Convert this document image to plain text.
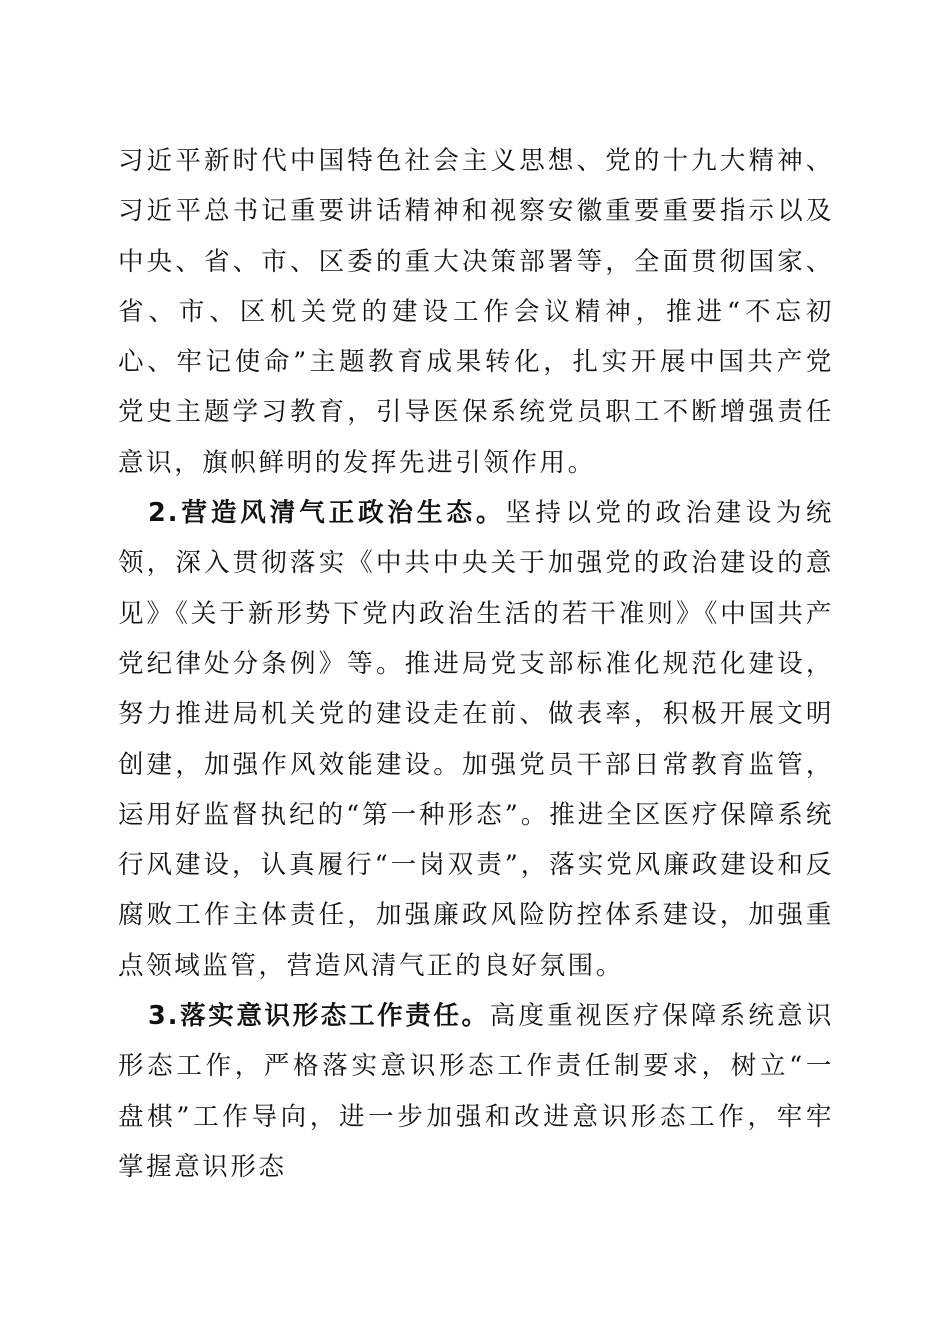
习近平新时代中国特色社会主义思想、党的十九大精神、习近平总书记重要讲话精神和视察安徽重要重要指示以及中央、省、市、区委的重大决策部署等，全面贯彻国家、省、市、区机关党的建设工作会议精神，推进“不忘初心、牢记使命”主题教育成果转化，扎实开展中国共产党党史主题学习教育，引导医保系统党员职工不断增强责任意识，旗帜鲜明的发挥先进引领作用。

2.营造风清气正政治生态。坚持以党的政治建设为统领，深入贯彻落实《中共中央关于加强党的政治建设的意见》《关于新形势下党内政治生活的若干准则》《中国共产党纪律处分条例》等。推进局党支部标准化规范化建设，努力推进局机关党的建设走在前、做表率，积极开展文明创建，加强作风效能建设。加强党员干部日常教育监管，运用好监督执纪的“第一种形态”。推进全区医疗保障系统行风建设，认真履行“一岗双责”，落实党风廉政建设和反腐败工作主体责任，加强廉政风险防控体系建设，加强重点领域监管，营造风清气正的良好氛围。

3.落实意识形态工作责任。高度重视医疗保障系统意识形态工作，严格落实意识形态工作责任制要求，树立“一盘棋”工作导向，进一步加强和改进意识形态工作，牢牢掌握意识形态
